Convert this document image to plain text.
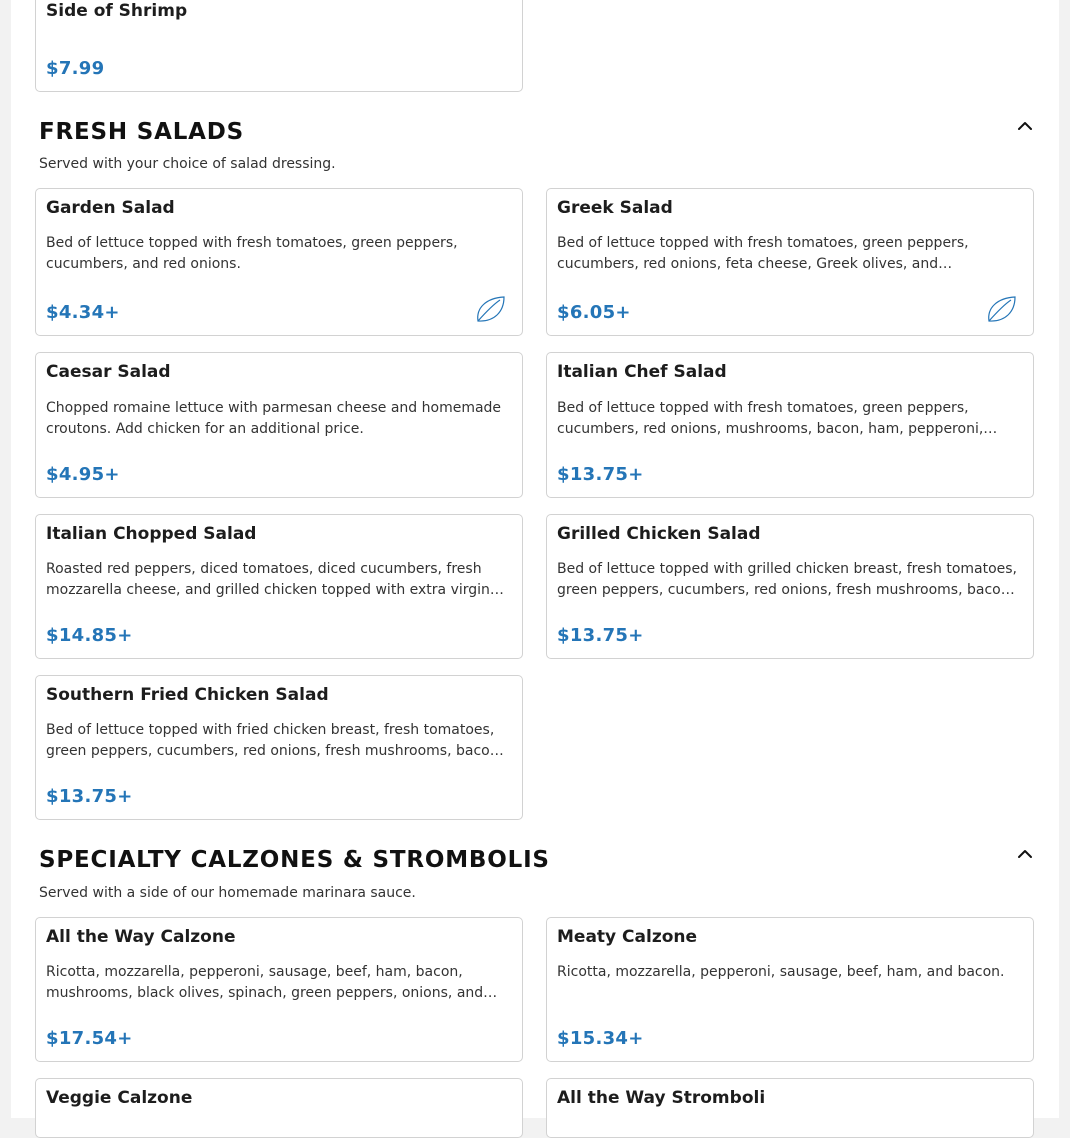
Side of Shrimp
$7.99
FRESH SALADS
Served with your choice of salad dressing.
Garden Salad
Bed of lettuce topped with fresh tomatoes, green peppers, cucumbers, and red onions.
$4.34+
Greek Salad
Bed of lettuce topped with fresh tomatoes, green peppers, cucumbers, red onions, feta cheese, Greek olives, and…
$6.05+
Caesar Salad
Chopped romaine lettuce with parmesan cheese and homemade croutons. Add chicken for an additional price.
$4.95+
Italian Chef Salad
Bed of lettuce topped with fresh tomatoes, green peppers, cucumbers, red onions, mushrooms, bacon, ham, pepperoni,…
$13.75+
Italian Chopped Salad
Roasted red peppers, diced tomatoes, diced cucumbers, fresh mozzarella cheese, and grilled chicken topped with extra virgin…
$14.85+
Grilled Chicken Salad
Bed of lettuce topped with grilled chicken breast, fresh tomatoes, green peppers, cucumbers, red onions, fresh mushrooms, baco…
$13.75+
Southern Fried Chicken Salad
Bed of lettuce topped with fried chicken breast, fresh tomatoes, green peppers, cucumbers, red onions, fresh mushrooms, baco…
$13.75+
SPECIALTY CALZONES & STROMBOLIS
Served with a side of our homemade marinara sauce.
All the Way Calzone
Ricotta, mozzarella, pepperoni, sausage, beef, ham, bacon, mushrooms, black olives, spinach, green peppers, onions, and…
$17.54+
Meaty Calzone
Ricotta, mozzarella, pepperoni, sausage, beef, ham, and bacon.
$15.34+
Veggie Calzone	All the Way Stromboli
